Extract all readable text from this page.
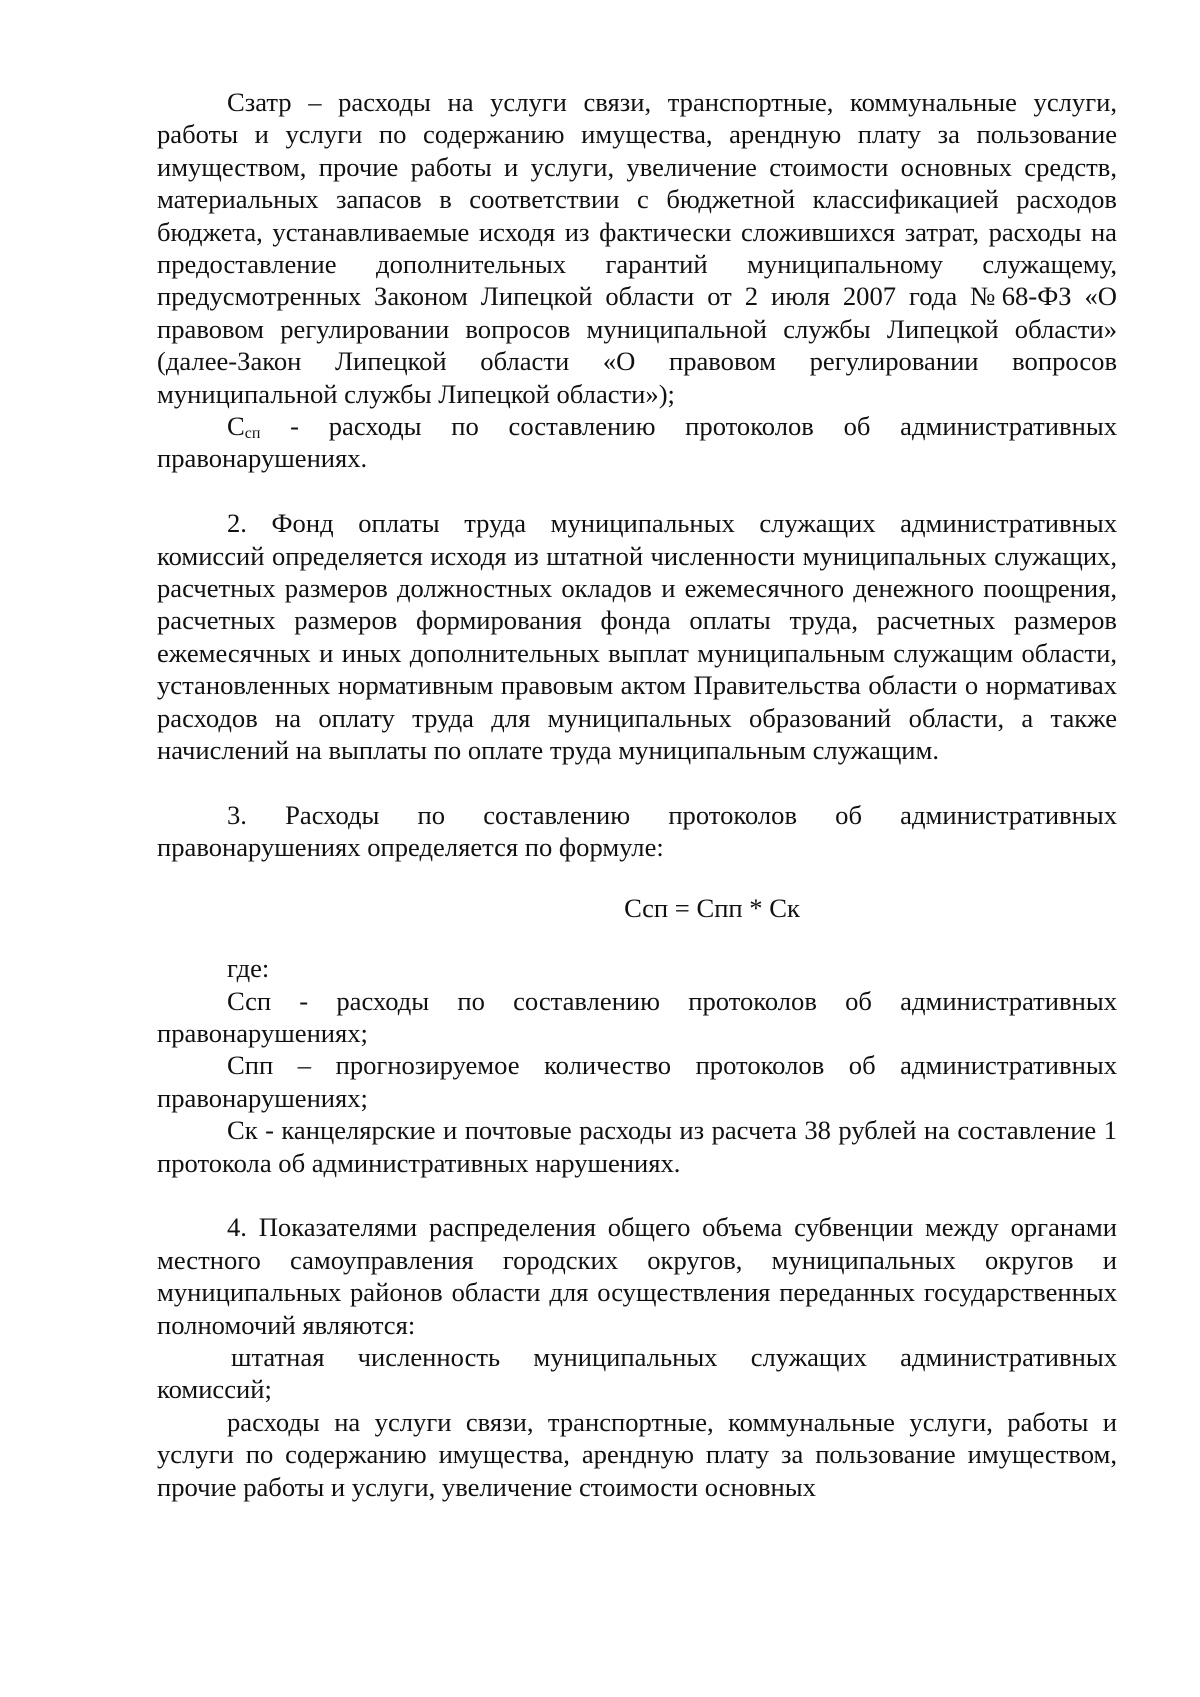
Сзатр – расходы на услуги связи, транспортные, коммунальные услуги, работы и услуги по содержанию имущества, арендную плату за пользование имуществом, прочие работы и услуги, увеличение стоимости основных средств, материальных запасов в соответствии с бюджетной классификацией расходов бюджета, устанавливаемые исходя из фактически сложившихся затрат, расходы на предоставление дополнительных гарантий муниципальному служащему, предусмотренных Законом Липецкой области от 2 июля 2007 года №68-ФЗ «О правовом регулировании вопросов муниципальной службы Липецкой области» (далее-Закон Липецкой области «О правовом регулировании вопросов муниципальной службы Липецкой области»);

Ссп - расходы по составлению протоколов об административных правонарушениях.

2. Фонд оплаты труда муниципальных служащих административных комиссий определяется исходя из штатной численности муниципальных служащих, расчетных размеров должностных окладов и ежемесячного денежного поощрения, расчетных размеров формирования фонда оплаты труда, расчетных размеров ежемесячных и иных дополнительных выплат муниципальным служащим области, установленных нормативным правовым актом Правительства области о нормативах расходов на оплату труда для муниципальных образований области, а также начислений на выплаты по оплате труда муниципальным служащим.

3. Расходы по составлению протоколов об административных правонарушениях определяется по формуле:

Ссп = Спп * Ск

где:

Ссп - расходы по составлению протоколов об административных правонарушениях;

Спп – прогнозируемое количество протоколов об административных правонарушениях;

Ск - канцелярские и почтовые расходы из расчета 38 рублей на составление 1 протокола об административных нарушениях.

4. Показателями распределения общего объема субвенции между органами местного самоуправления городских округов, муниципальных округов и муниципальных районов области для осуществления переданных государственных полномочий являются:

штатная численность муниципальных служащих административных комиссий;

расходы на услуги связи, транспортные, коммунальные услуги, работы и услуги по содержанию имущества, арендную плату за пользование имуществом, прочие работы и услуги, увеличение стоимости основных
